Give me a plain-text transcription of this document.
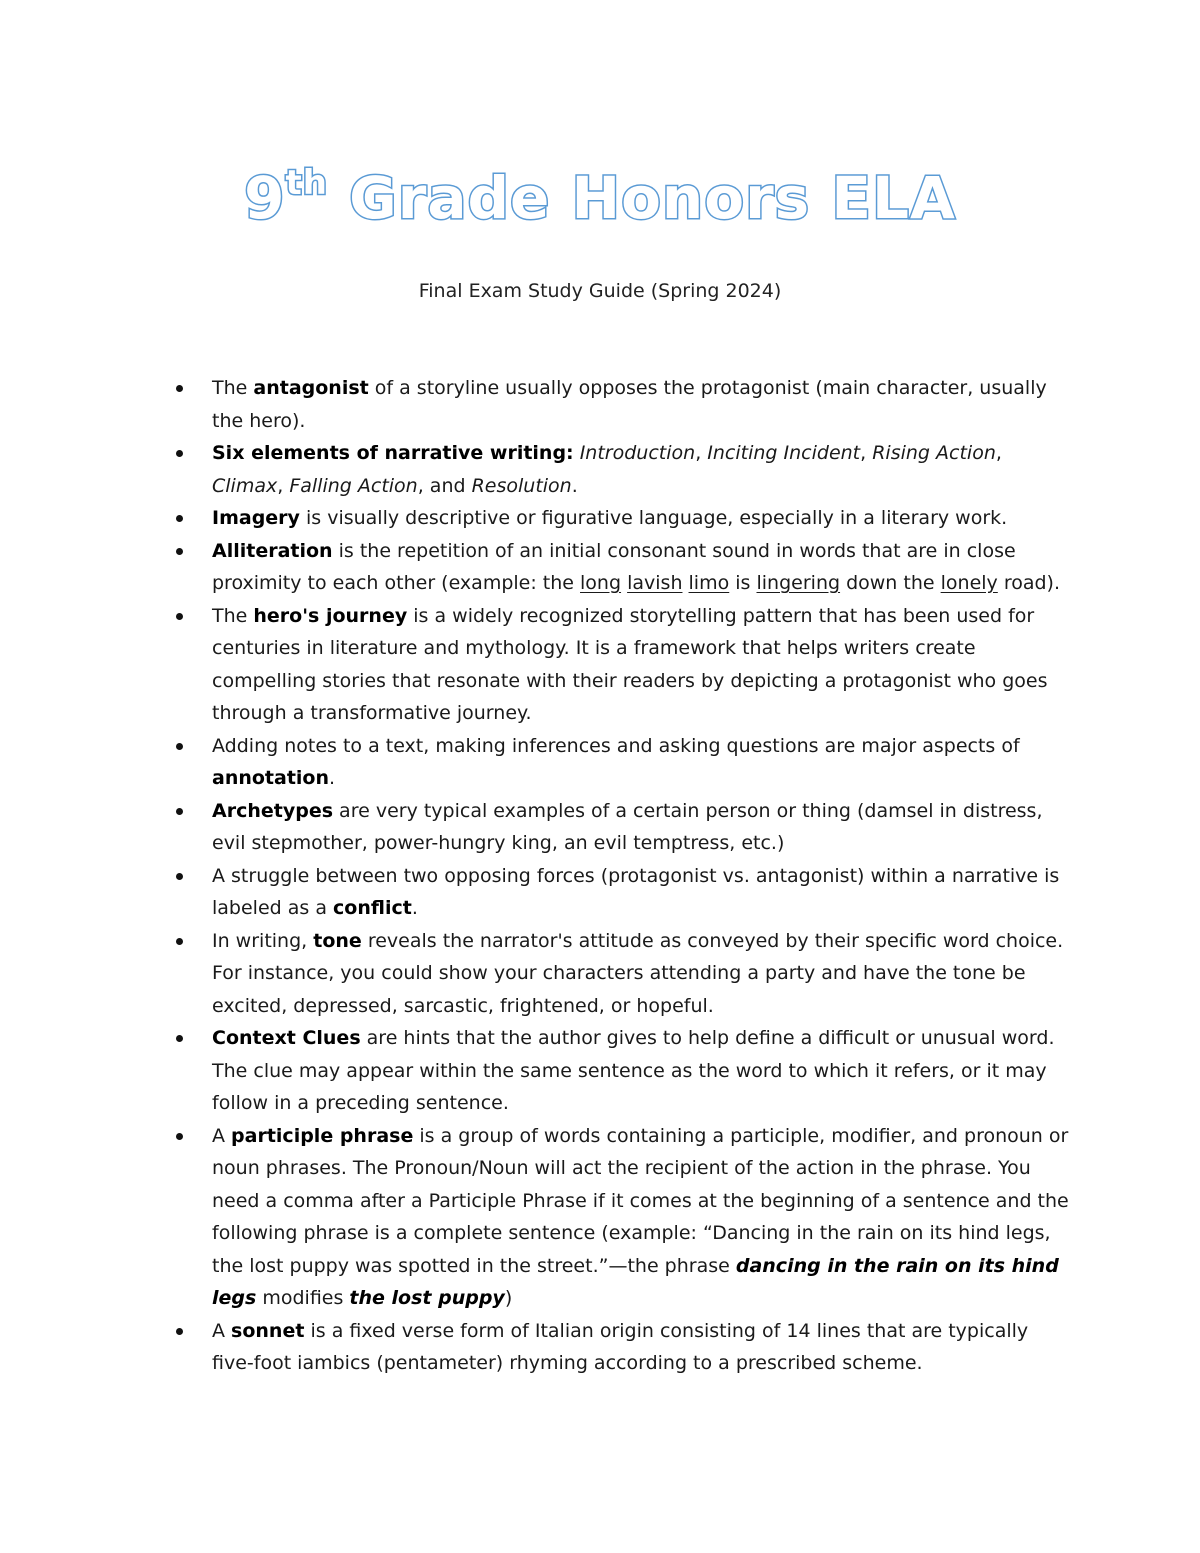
9th Grade Honors ELA
Final Exam Study Guide (Spring 2024)
The antagonist of a storyline usually opposes the protagonist (main character, usually the hero).
Six elements of narrative writing: Introduction, Inciting Incident, Rising Action, Climax, Falling Action, and Resolution.
Imagery is visually descriptive or figurative language, especially in a literary work.
Alliteration is the repetition of an initial consonant sound in words that are in close proximity to each other (example: the long lavish limo is lingering down the lonely road).
The hero's journey is a widely recognized storytelling pattern that has been used for centuries in literature and mythology. It is a framework that helps writers create compelling stories that resonate with their readers by depicting a protagonist who goes through a transformative journey.
Adding notes to a text, making inferences and asking questions are major aspects of annotation.
Archetypes are very typical examples of a certain person or thing (damsel in distress, evil stepmother, power-hungry king, an evil temptress, etc.)
A struggle between two opposing forces (protagonist vs. antagonist) within a narrative is labeled as a conflict.
In writing, tone reveals the narrator's attitude as conveyed by their specific word choice. For instance, you could show your characters attending a party and have the tone be excited, depressed, sarcastic, frightened, or hopeful.
Context Clues are hints that the author gives to help define a difficult or unusual word. The clue may appear within the same sentence as the word to which it refers, or it may follow in a preceding sentence.
A participle phrase is a group of words containing a participle, modifier, and pronoun or noun phrases. The Pronoun/Noun will act the recipient of the action in the phrase. You need a comma after a Participle Phrase if it comes at the beginning of a sentence and the following phrase is a complete sentence (example: “Dancing in the rain on its hind legs, the lost puppy was spotted in the street.”—the phrase dancing in the rain on its hind legs modifies the lost puppy)
A sonnet is a fixed verse form of Italian origin consisting of 14 lines that are typically five-foot iambics (pentameter) rhyming according to a prescribed scheme.
